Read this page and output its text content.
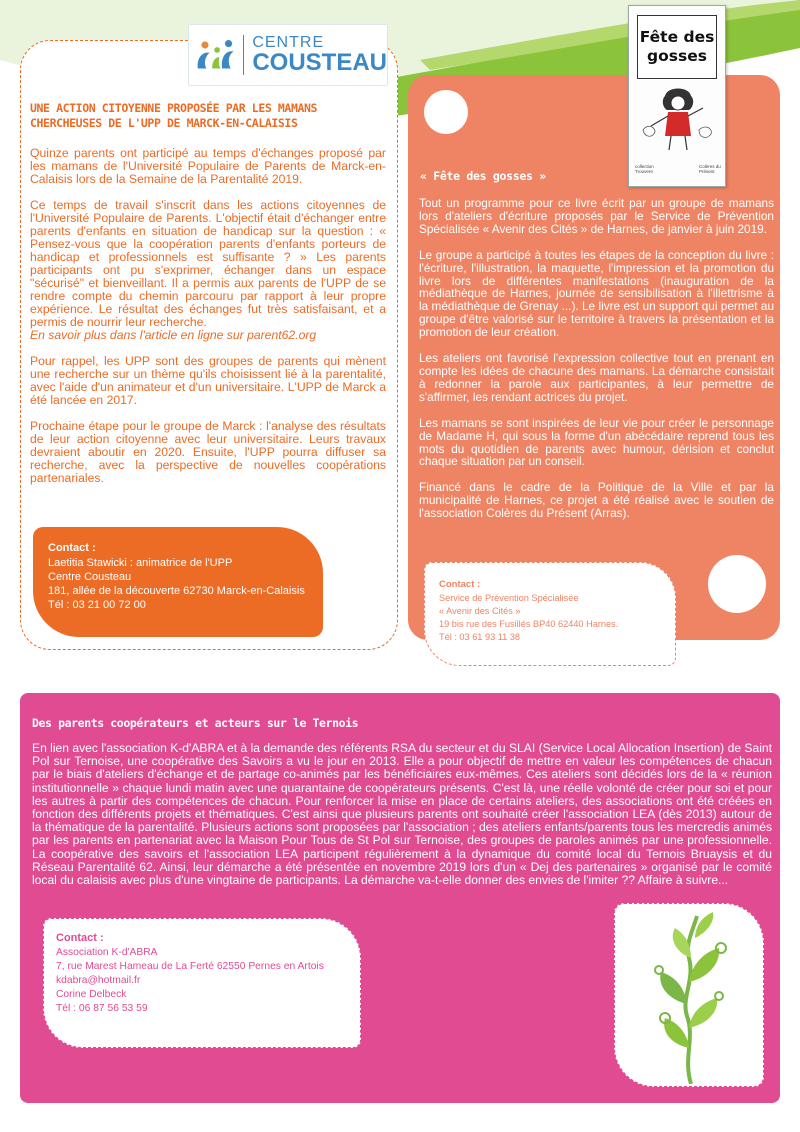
CENTRE
COUSTEAU
UNE ACTION CITOYENNE PROPOSÉE PAR LES MAMANS CHERCHEUSES DE L'UPP DE MARCK-EN-CALAISIS

Quinze parents ont participé au temps d'échanges proposé par les mamans de l'Université Populaire de Parents de Marck-en-Calaisis lors de la Semaine de la Parentalité 2019.

Ce temps de travail s'inscrit dans les actions citoyennes de l'Université Populaire de Parents. L'objectif était d'échanger entre parents d'enfants en situation de handicap sur la question : « Pensez-vous que la coopération parents d'enfants porteurs de handicap et professionnels est suffisante ? » Les parents participants ont pu s'exprimer, échanger dans un espace "sécurisé" et bienveillant. Il a permis aux parents de l'UPP de se rendre compte du chemin parcouru par rapport à leur propre expérience. Le résultat des échanges fut très satisfaisant, et a permis de nourrir leur recherche.
En savoir plus dans l'article en ligne sur parent62.org

Pour rappel, les UPP sont des groupes de parents qui mènent une recherche sur un thème qu'ils choisissent lié à la parentalité, avec l'aide d'un animateur et d'un universitaire. L'UPP de Marck a été lancée en 2017.

Prochaine étape pour le groupe de Marck : l'analyse des résultats de leur action citoyenne avec leur universitaire. Leurs travaux devraient aboutir en 2020. Ensuite, l'UPP pourra diffuser sa recherche, avec la perspective de nouvelles coopérations partenariales.

Contact :
Laetitia Stawicki : animatrice de l'UPP
Centre Cousteau
181, allée de la découverte 62730 Marck-en-Calaisis
Tél : 03 21 00 72 00
Fête des
gosses
collection Trouvere
Colères du Présent
« Fête des gosses »

Tout un programme pour ce livre écrit par un groupe de mamans lors d'ateliers d'écriture proposés par le Service de Prévention Spécialisée « Avenir des Cités » de Harnes, de janvier à juin 2019.

Le groupe a participé à toutes les étapes de la conception du livre : l'écriture, l'illustration, la maquette, l'impression et la promotion du livre lors de différentes manifestations (inauguration de la médiathèque de Harnes, journée de sensibilisation à l'illettrisme à la médiathèque de Grenay ...). Le livre est un support qui permet au groupe d'être valorisé sur le territoire à travers la présentation et la promotion de leur création.

Les ateliers ont favorisé l'expression collective tout en prenant en compte les idées de chacune des mamans. La démarche consistait à redonner la parole aux participantes, à leur permettre de s'affirmer, les rendant actrices du projet.

Les mamans se sont inspirées de leur vie pour créer le personnage de Madame H, qui sous la forme d'un abécédaire reprend tous les mots du quotidien de parents avec humour, dérision et conclut chaque situation par un conseil.

Financé dans le cadre de la Politique de la Ville et par la municipalité de Harnes, ce projet a été réalisé avec le soutien de l'association Colères du Présent (Arras).

Contact :
Service de Prévention Spécialisée
« Avenir des Cités »
19 bis rue des Fusillés BP40 62440 Harnes.
Tél : 03 61 93 11 38
Des parents coopérateurs et acteurs sur le Ternois
En lien avec l'association K-d'ABRA et à la demande des référents RSA du secteur et du SLAI (Service Local Allocation Insertion) de Saint Pol sur Ternoise, une coopérative des Savoirs a vu le jour en 2013. Elle a pour objectif de mettre en valeur les compétences de chacun par le biais d'ateliers d'échange et de partage co-animés par les bénéficiaires eux-mêmes. Ces ateliers sont décidés lors de la « réunion institutionnelle » chaque lundi matin avec une quarantaine de coopérateurs présents. C'est là, une réelle volonté de créer pour soi et pour les autres à partir des compétences de chacun. Pour renforcer la mise en place de certains ateliers, des associations ont été créées en fonction des différents projets et thématiques. C'est ainsi que plusieurs parents ont souhaité créer l'association LEA (dès 2013) autour de la thématique de la parentalité. Plusieurs actions sont proposées par l'association ; des ateliers enfants/parents tous les mercredis animés par les parents en partenariat avec la Maison Pour Tous de St Pol sur Ternoise, des groupes de paroles animés par une professionnelle. La coopérative des savoirs et l'association LEA participent régulièrement à la dynamique du comité local du Ternois Bruaysis et du Réseau Parentalité 62. Ainsi, leur démarche a été présentée en novembre 2019 lors d'un « Dej des partenaires » organisé par le comité local du calaisis avec plus d'une vingtaine de participants. La démarche va-t-elle donner des envies de l'imiter ?? Affaire à suivre...
Contact :
Association K-d'ABRA
7, rue Marest Hameau de La Ferté 62550 Pernes en Artois
kdabra@hotmail.fr
Corine Delbeck
Tél : 06 87 56 53 59
